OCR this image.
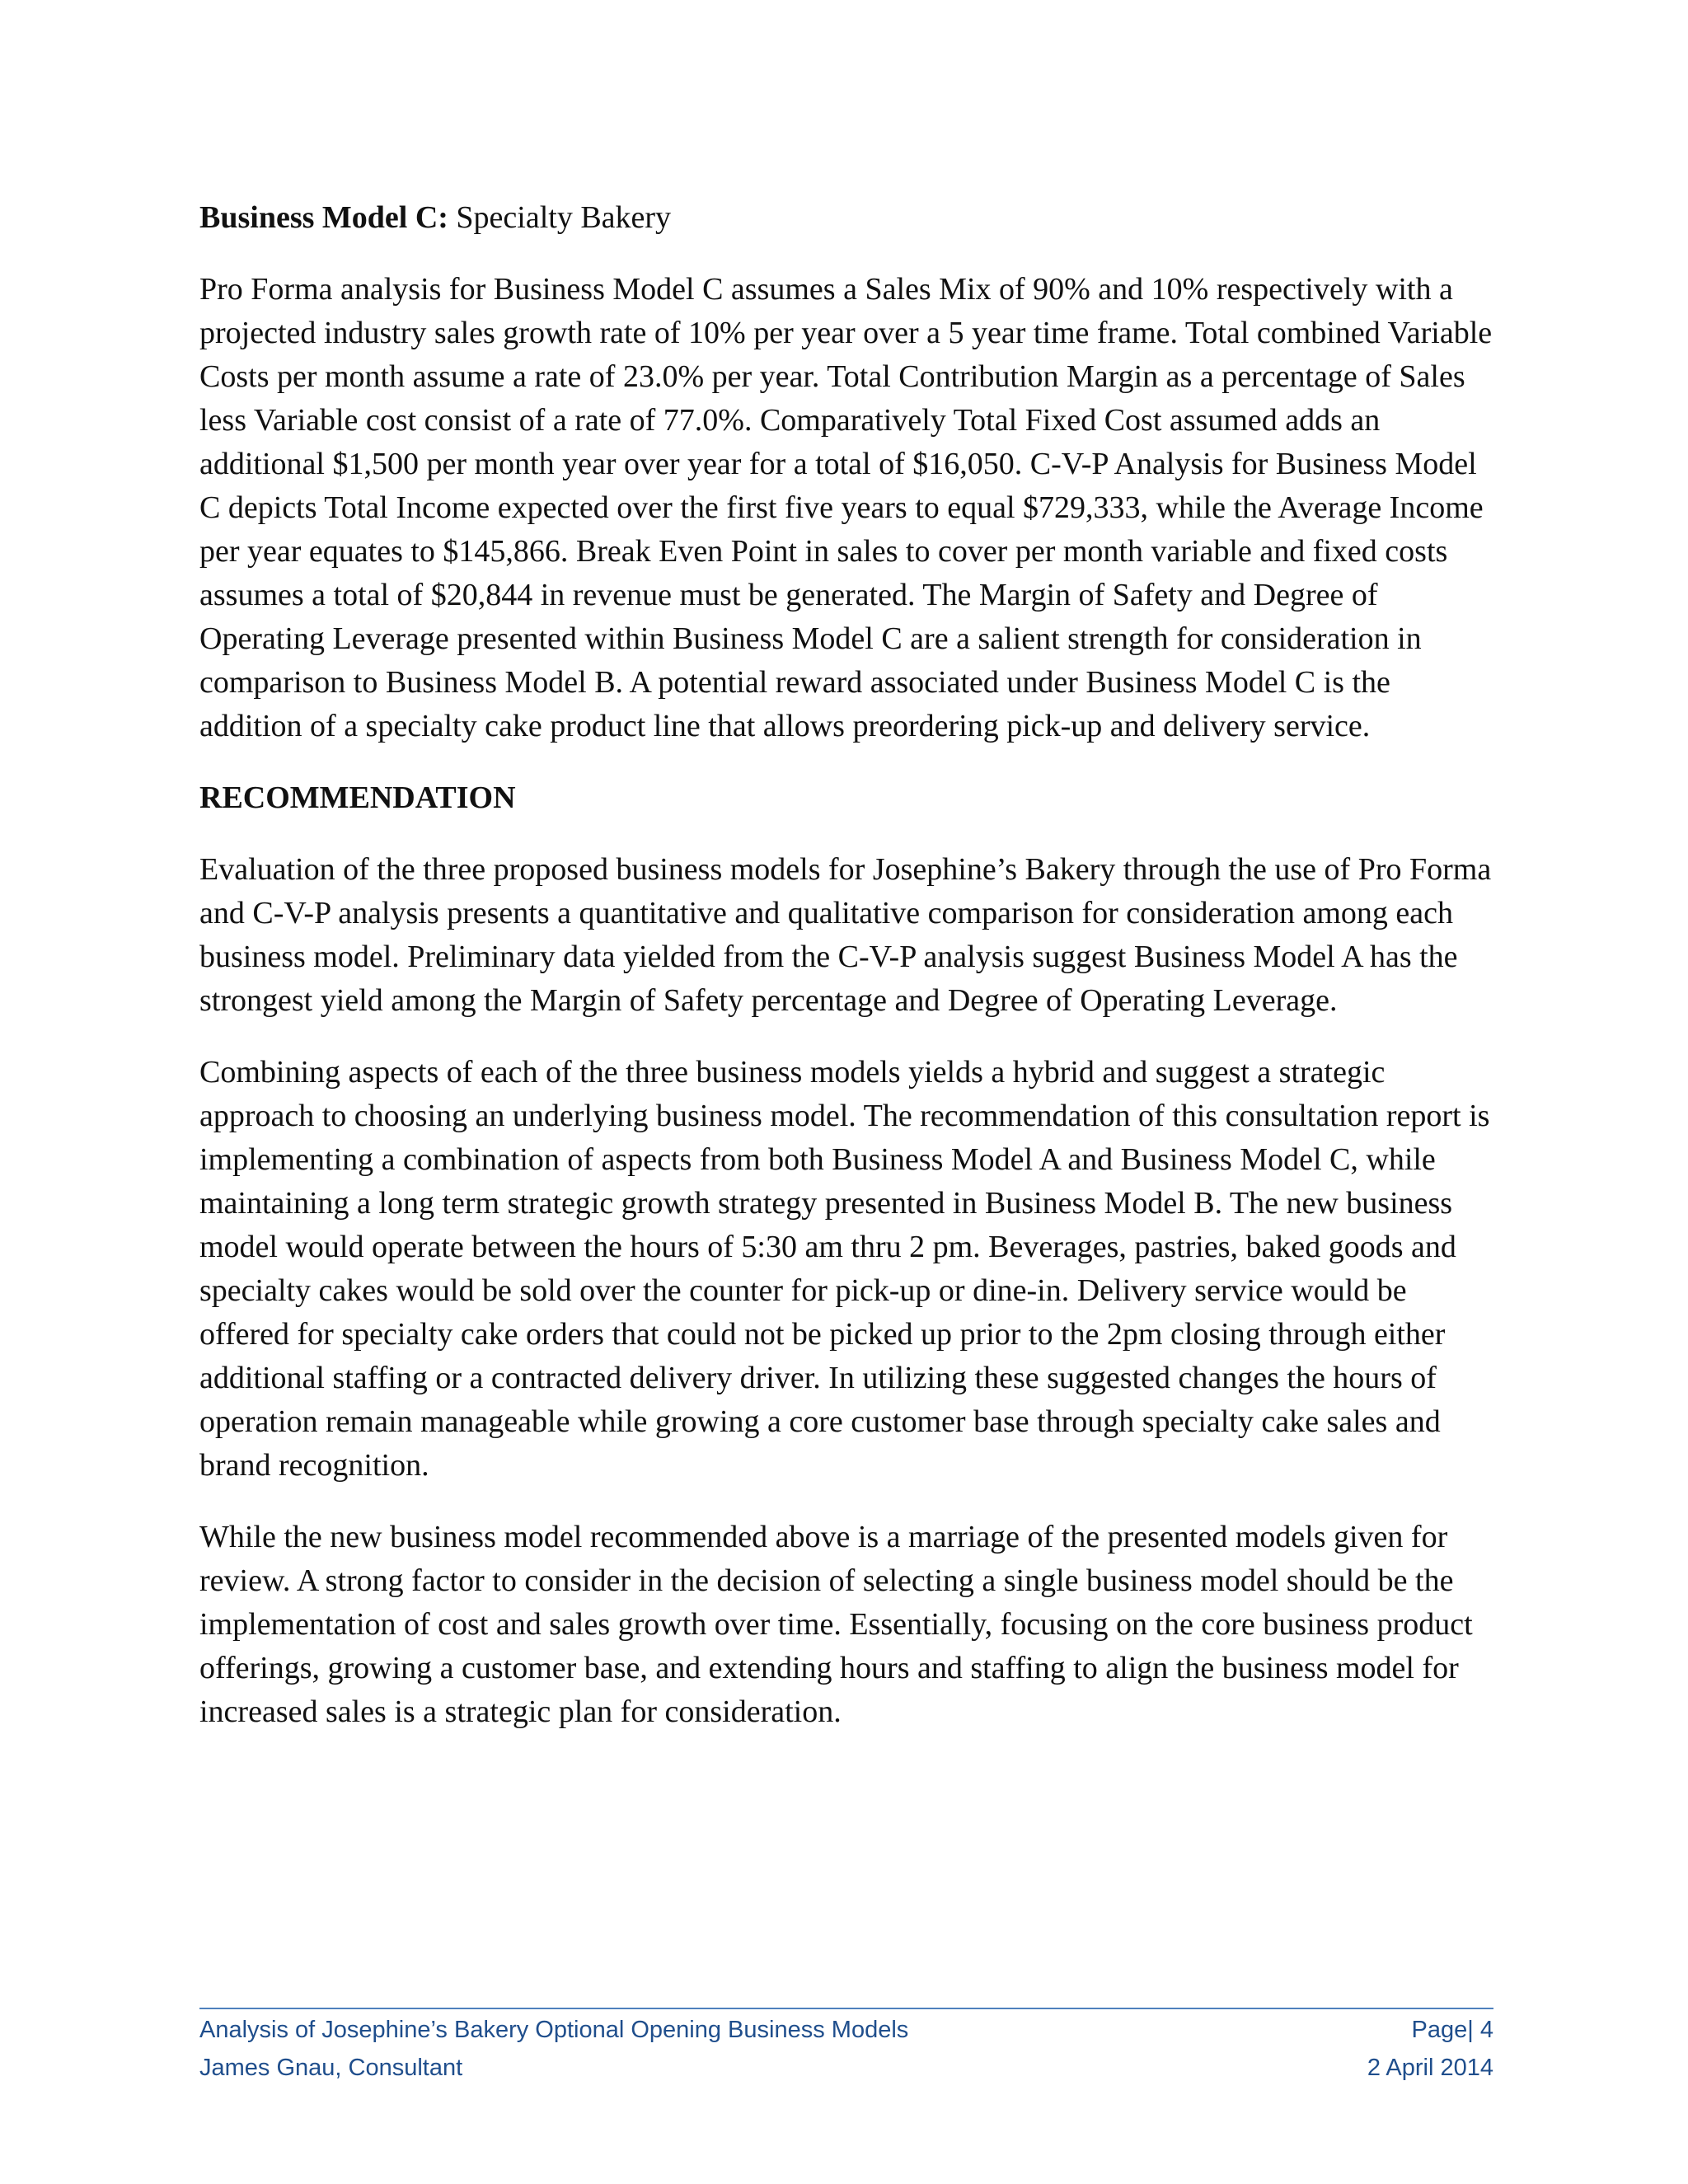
Business Model C: Specialty Bakery

Pro Forma analysis for Business Model C assumes a Sales Mix of 90% and 10% respectively with a projected industry sales growth rate of 10% per year over a 5 year time frame. Total combined Variable Costs per month assume a rate of 23.0% per year. Total Contribution Margin as a percentage of Sales less Variable cost consist of a rate of 77.0%. Comparatively Total Fixed Cost assumed adds an additional $1,500 per month year over year for a total of $16,050. C-V-P Analysis for Business Model C depicts Total Income expected over the first five years to equal $729,333, while the Average Income per year equates to $145,866. Break Even Point in sales to cover per month variable and fixed costs assumes a total of $20,844 in revenue must be generated. The Margin of Safety and Degree of Operating Leverage presented within Business Model C are a salient strength for consideration in comparison to Business Model B. A potential reward associated under Business Model C is the addition of a specialty cake product line that allows preordering pick-up and delivery service.

RECOMMENDATION

Evaluation of the three proposed business models for Josephine’s Bakery through the use of Pro Forma and C-V-P analysis presents a quantitative and qualitative comparison for consideration among each business model. Preliminary data yielded from the C-V-P analysis suggest Business Model A has the strongest yield among the Margin of Safety percentage and Degree of Operating Leverage.

Combining aspects of each of the three business models yields a hybrid and suggest a strategic approach to choosing an underlying business model. The recommendation of this consultation report is implementing a combination of aspects from both Business Model A and Business Model C, while maintaining a long term strategic growth strategy presented in Business Model B. The new business model would operate between the hours of 5:30 am thru 2 pm. Beverages, pastries, baked goods and specialty cakes would be sold over the counter for pick-up or dine-in. Delivery service would be offered for specialty cake orders that could not be picked up prior to the 2pm closing through either additional staffing or a contracted delivery driver. In utilizing these suggested changes the hours of operation remain manageable while growing a core customer base through specialty cake sales and brand recognition.

While the new business model recommended above is a marriage of the presented models given for review. A strong factor to consider in the decision of selecting a single business model should be the implementation of cost and sales growth over time. Essentially, focusing on the core business product offerings, growing a customer base, and extending hours and staffing to align the business model for increased sales is a strategic plan for consideration.

Analysis of Josephine’s Bakery Optional Opening Business Models	Page| 4
James Gnau, Consultant	2 April 2014
